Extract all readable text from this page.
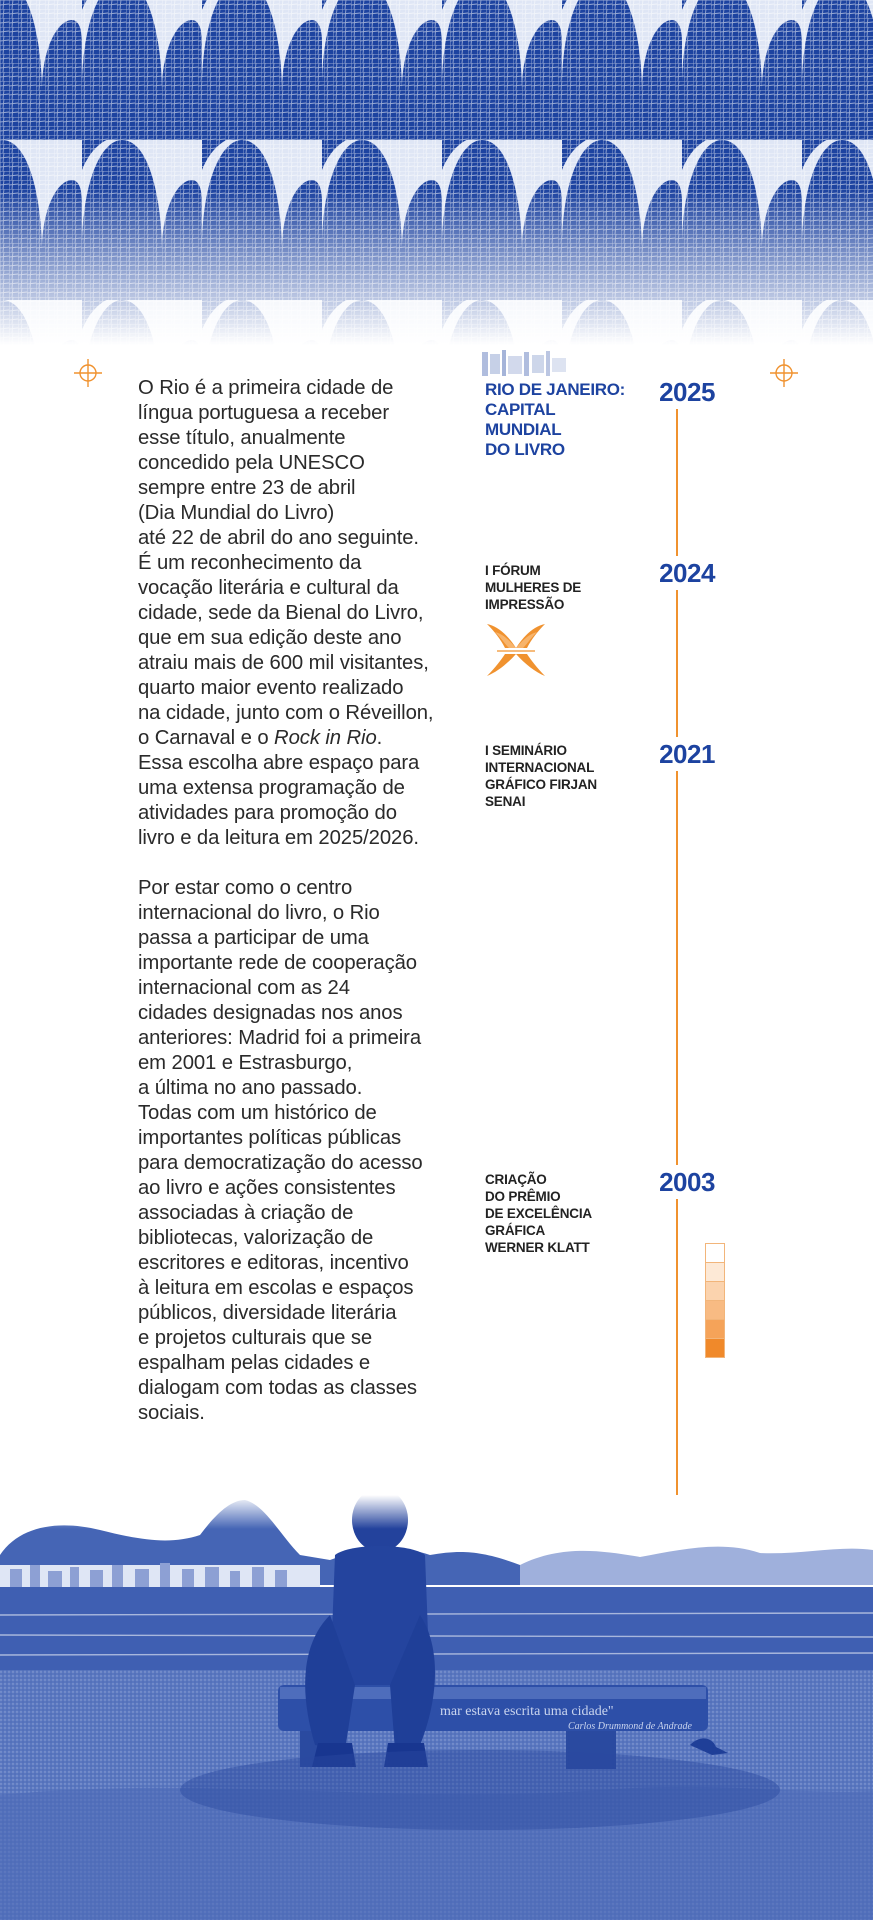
O Rio é a primeira cidade de
língua portuguesa a receber
esse título, anualmente
concedido pela UNESCO
sempre entre 23 de abril
(Dia Mundial do Livro)
até 22 de abril do ano seguinte.
É um reconhecimento da
vocação literária e cultural da
cidade, sede da Bienal do Livro,
que em sua edição deste ano
atraiu mais de 600 mil visitantes,
quarto maior evento realizado
na cidade, junto com o Réveillon,
o Carnaval e o Rock in Rio.
Essa escolha abre espaço para
uma extensa programação de
atividades para promoção do
livro e da leitura em 2025/2026.

Por estar como o centro
internacional do livro, o Rio
passa a participar de uma
importante rede de cooperação
internacional com as 24
cidades designadas nos anos
anteriores: Madrid foi a primeira
em 2001 e Estrasburgo,
a última no ano passado.
Todas com um histórico de
importantes políticas públicas
para democratização do acesso
ao livro e ações consistentes
associadas à criação de
bibliotecas, valorização de
escritores e editoras, incentivo
à leitura em escolas e espaços
públicos, diversidade literária
e projetos culturais que se
espalham pelas cidades e
dialogam com todas as classes
sociais.

2025
RIO DE JANEIRO:
CAPITAL
MUNDIAL
DO LIVRO
2024
I FÓRUM
MULHERES DE
IMPRESSÃO
2021
I SEMINÁRIO
INTERNACIONAL
GRÁFICO FIRJAN
SENAI
2003
CRIAÇÃO
DO PRÊMIO
DE EXCELÊNCIA
GRÁFICA
WERNER KLATT
